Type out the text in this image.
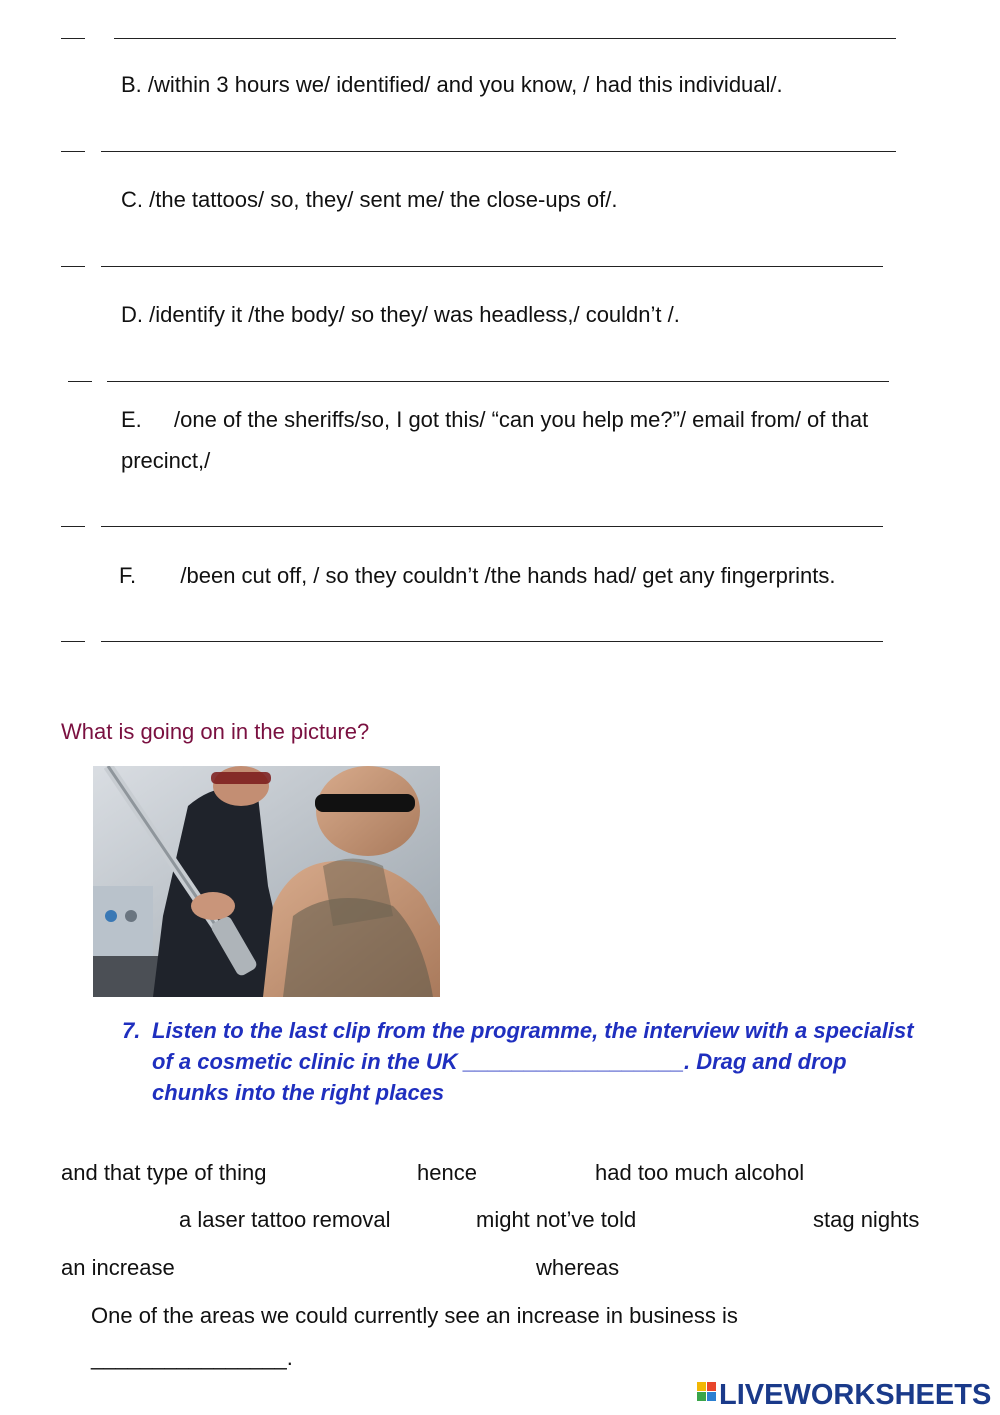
B. /within 3 hours we/ identified/ and you know, / had this individual/.
C. /the tattoos/ so, they/ sent me/ the close-ups of/.
D. /identify it /the body/ so they/ was headless,/ couldn’t /.
E. /one of the sheriffs/so, I got this/ “can you help me?”/ email from/ of that
precinct,/
F. /been cut off, / so they couldn’t /the hands had/ get any fingerprints.
What is going on in the picture?
7. Listen to the last clip from the programme, the interview with a specialist of a cosmetic clinic in the UK __________________. Drag and drop chunks into the right places
and that type of thing	hence	had too much alcohol
a laser tattoo removal	might not’ve told	stag nights
an increase	whereas
One of the areas we could currently see an increase in business is
________________.
LIVEWORKSHEETS
